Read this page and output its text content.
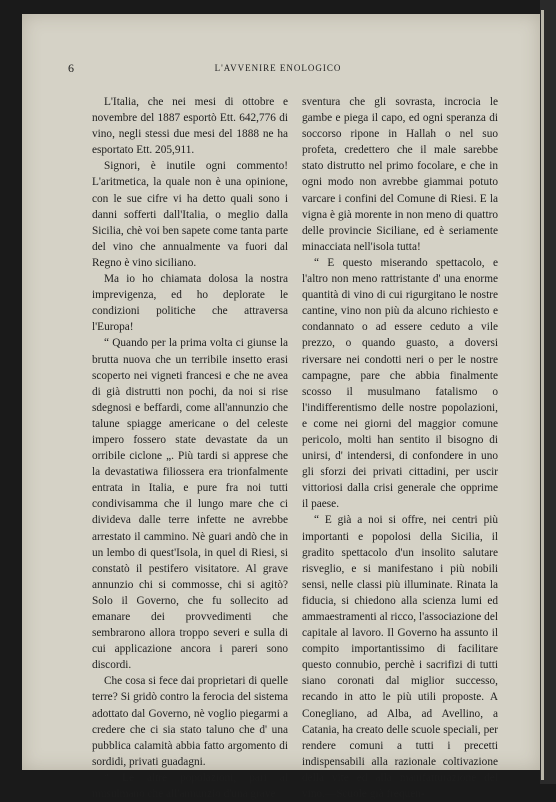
6	L'AVVENIRE ENOLOGICO

L'Italia, che nei mesi di ottobre e novembre del 1887 esportò Ett. 642,776 di vino, negli stessi due mesi del 1888 ne ha esportato Ett. 205,911.

Signori, è inutile ogni commento! L'aritmetica, la quale non è una opinione, con le sue cifre vi ha detto quali sono i danni sofferti dall'Italia, o meglio dalla Sicilia, chè voi ben sapete come tanta parte del vino che annualmente va fuori dal Regno è vino siciliano.

Ma io ho chiamata dolosa la nostra imprevigenza, ed ho deplorate le condizioni politiche che attraversa l'Europa!

“ Quando per la prima volta ci giunse la brutta nuova che un terribile insetto erasi scoperto nei vigneti francesi e che ne avea di già distrutti non pochi, da noi si rise sdegnosi e beffardi, come all'annunzio che talune spiagge americane o del celeste impero fossero state devastate da un orribile ciclone „. Più tardi si apprese che la devastatiwa filiossera era trionfalmente entrata in Italia, e pure fra noi tutti condivisamma che il lungo mare che ci divideva dalle terre infette ne avrebbe arrestato il cammino. Nè guari andò che in un lembo di quest'Isola, in quel di Riesi, si constatò il pestifero visitatore. Al grave annunzio chi si commosse, chi si agitò? Solo il Governo, che fu sollecito ad emanare dei provvedimenti che sembrarono allora troppo severi e sulla di cui applicazione ancora i pareri sono discordi.

Che cosa si fece dai proprietari di quelle terre? Si gridò contro la ferocia del sistema adottato dal Governo, nè voglio piegarmi a credere che ci sia stato taluno che d' una pubblica calamità abbia fatto argomento di sordidi, privati guadagni.

“ Le altre popolazioni, pari al musulmano che all'annunzio d'una grave

sventura che gli sovrasta, incrocia le gambe e piega il capo, ed ogni speranza di soccorso ripone in Hallah o nel suo profeta, credettero che il male sarebbe stato distrutto nel primo focolare, e che in ogni modo non avrebbe giammai potuto varcare i confini del Comune di Riesi. E la vigna è già morente in non meno di quattro delle provincie Siciliane, ed è seriamente minacciata nell'isola tutta!

“ E questo miserando spettacolo, e l'altro non meno rattristante d' una enorme quantità di vino di cui rigurgitano le nostre cantine, vino non più da alcuno richiesto e condannato o ad essere ceduto a vile prezzo, o quando guasto, a doversi riversare nei condotti neri o per le nostre campagne, pare che abbia finalmente scosso il musulmano fatalismo o l'indifferentismo delle nostre popolazioni, e come nei giorni del maggior comune pericolo, molti han sentito il bisogno di unirsi, d' intendersi, di confondere in uno gli sforzi dei privati cittadini, per uscir vittoriosi dalla crisi generale che opprime il paese.

“ E già a noi si offre, nei centri più importanti e popolosi della Sicilia, il gradito spettacolo d'un insolito salutare risveglio, e si manifestano i più nobili sensi, nelle classi più illuminate. Rinata la fiducia, si chiedono alla scienza lumi ed ammaestramenti al ricco, l'associazione del capitale al lavoro. Il Governo ha assunto il compito importantissimo di facilitare questo connubio, perchè i sacrifizi di tutti siano coronati dal miglior successo, recando in atto le più utili proposte. A Conegliano, ad Alba, ad Avellino, a Catania, ha creato delle scuole speciali, per rendere comuni a tutti i precetti indispensabili alla razionale coltivazione della vite ed alla manifatturazione del vino.—Scuole già frequen-
